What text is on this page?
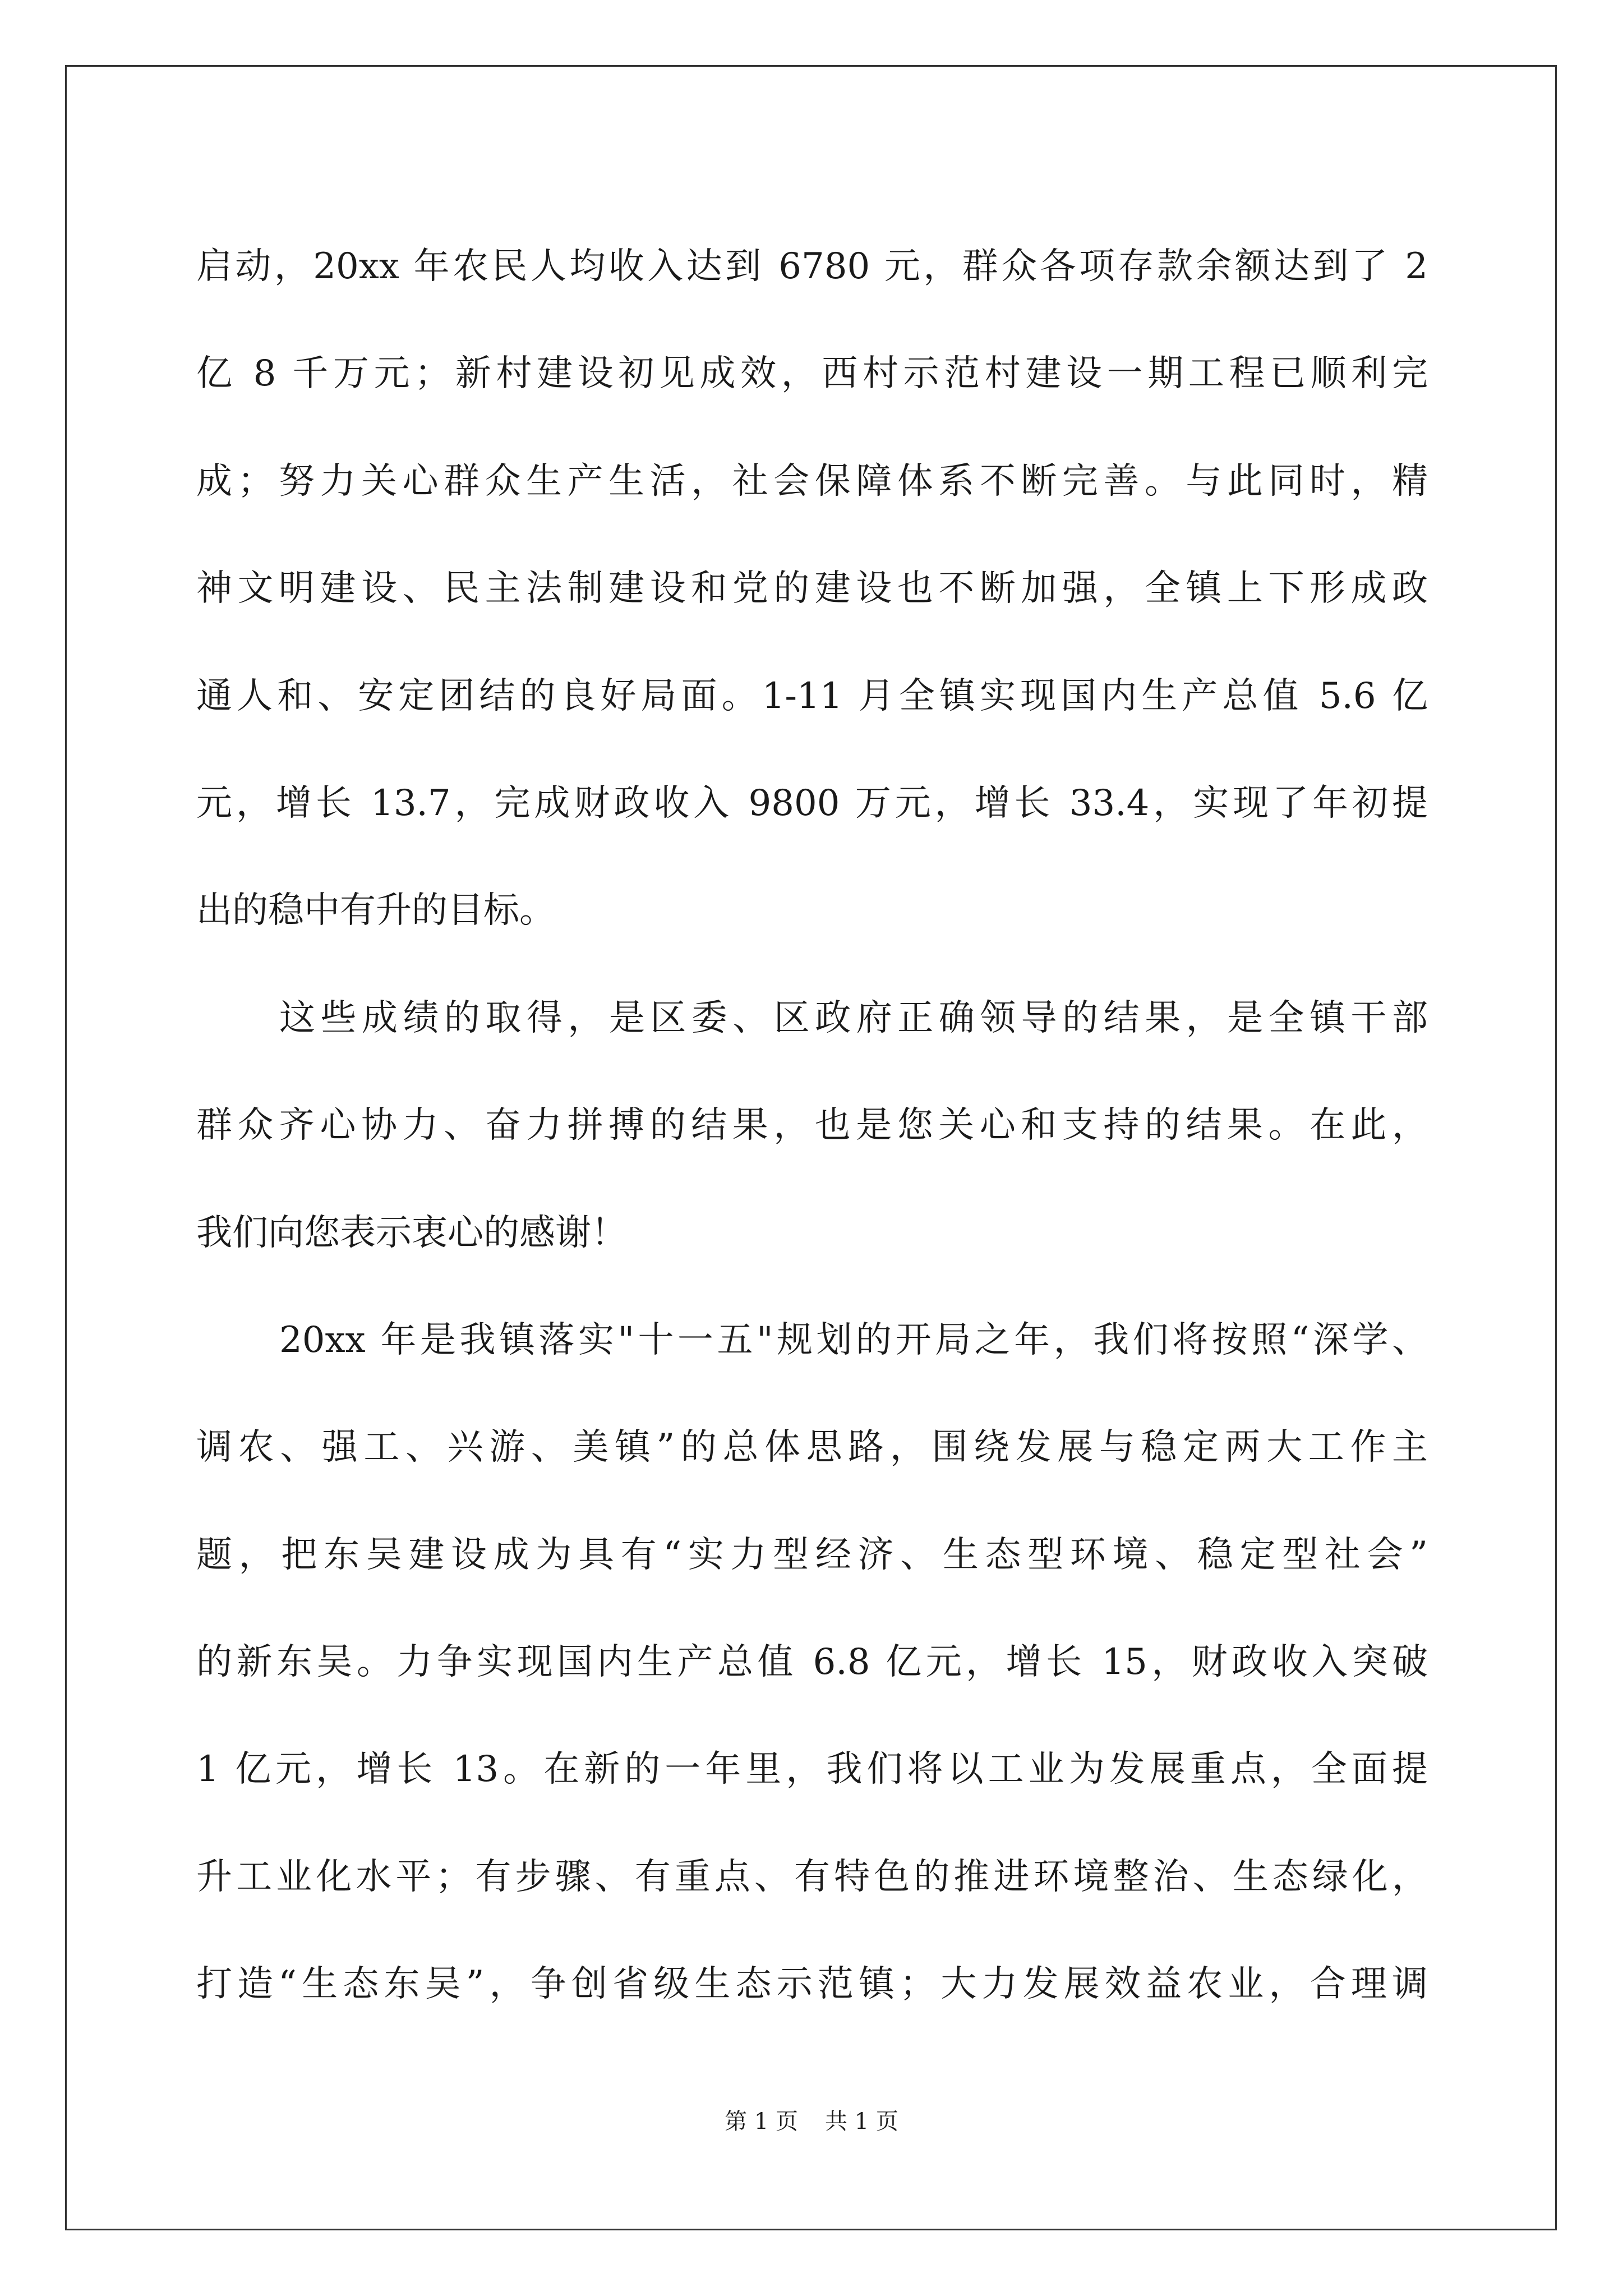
启动，20xx 年农民人均收入达到 6780 元，群众各项存款余额达到了 2
亿 8 千万元；新村建设初见成效，西村示范村建设一期工程已顺利完
成；努力关心群众生产生活，社会保障体系不断完善。与此同时，精
神文明建设、民主法制建设和党的建设也不断加强，全镇上下形成政
通人和、安定团结的良好局面。1-11 月全镇实现国内生产总值 5.6 亿
元，增长 13.7，完成财政收入 9800 万元，增长 33.4，实现了年初提
出的稳中有升的目标。
这些成绩的取得，是区委、区政府正确领导的结果，是全镇干部
群众齐心协力、奋力拼搏的结果，也是您关心和支持的结果。在此，
我们向您表示衷心的感谢！
20xx 年是我镇落实"十一五"规划的开局之年，我们将按照“深学、
调农、强工、兴游、美镇”的总体思路，围绕发展与稳定两大工作主
题，把东吴建设成为具有“实力型经济、生态型环境、稳定型社会”
的新东吴。力争实现国内生产总值 6.8 亿元，增长 15，财政收入突破
1 亿元，增长 13。在新的一年里，我们将以工业为发展重点，全面提
升工业化水平；有步骤、有重点、有特色的推进环境整治、生态绿化，
打造“生态东吴”，争创省级生态示范镇；大力发展效益农业，合理调
第 1 页 共 1 页
